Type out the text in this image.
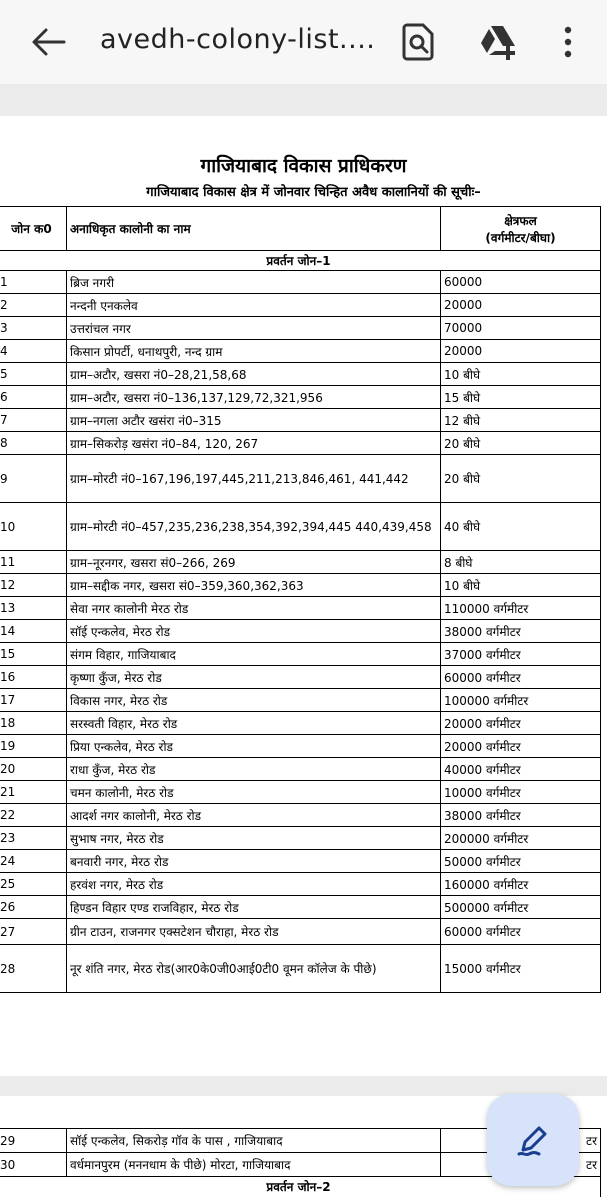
avedh-colony-list....
गाजियाबाद विकास प्राधिकरण
गाजियाबाद विकास क्षेत्र में जोनवार चिन्हित अवैध कालानियों की सूचीः–
जोन क0	अनाधिकृत कालोनी का नाम	क्षेत्रफल
(वर्गमीटर/बीघा)

प्रवर्तन जोन–1		
1	ब्रिज नगरी	60000
2	नन्दनी एनकलेव	20000
3	उत्तरांचल नगर	70000
4	किसान प्रोपर्टी, धनाथपुरी, नन्द ग्राम	20000
5	ग्राम–अटौर, खसरा नं0–28,21,58,68	10 बीघे
6	ग्राम–अटौर, खसरा नं0–136,137,129,72,321,956	15 बीघे
7	ग्राम–नगला अटौर खसंरा नं0–315	12 बीघे
8	ग्राम–सिकरोड़ खसंरा नं0–84, 120, 267	20 बीघे
9	ग्राम–मोरटी नं0–167,196,197,445,211,213,846,461, 441,442	20 बीघे
10	ग्राम–मोरटी नं0–457,235,236,238,354,392,394,445 440,439,458	40 बीघे
11	ग्राम–नूरनगर, खसरा सं0–266, 269	8 बीघे
12	ग्राम–सद्दीक नगर, खसरा सं0–359,360,362,363	10 बीघे
13	सेवा नगर कालोनी मेरठ रोड	110000 वर्गमीटर
14	सॉई एन्कलेव, मेरठ रोड	38000 वर्गमीटर
15	संगम विहार, गाजियाबाद	37000 वर्गमीटर
16	कृष्णा कुँज, मेरठ रोड	60000 वर्गमीटर
17	विकास नगर, मेरठ रोड	100000 वर्गमीटर
18	सरस्वती विहार, मेरठ रोड	20000 वर्गमीटर
19	प्रिया एन्कलेव, मेरठ रोड	20000 वर्गमीटर
20	राधा कुँज, मेरठ रोड	40000 वर्गमीटर
21	चमन कालोनी, मेरठ रोड	10000 वर्गमीटर
22	आदर्श नगर कालोनी, मेरठ रोड	38000 वर्गमीटर
23	सुभाष नगर, मेरठ रोड	200000 वर्गमीटर
24	बनवारी नगर, मेरठ रोड	50000 वर्गमीटर
25	हरवंश नगर, मेरठ रोड	160000 वर्गमीटर
26	हिण्डन विहार एण्ड राजविहार, मेरठ रोड	500000 वर्गमीटर
27	ग्रीन टाउन, राजनगर एक्सटेशन चौराहा, मेरठ रोड	60000 वर्गमीटर
28	नूर शंति नगर, मेरठ रोड(आर0के0जी0आई0टी0 वूमन कॉलेज के पीछे)	15000 वर्गमीटर
29	सॉई एन्कलेव, सिकरोड़ गॉव के पास , गाजियाबाद	टर
30	वर्धमानपुरम (मननधाम के पीछे) मोरटा, गाजियाबाद	टर
प्रवर्तन जोन–2		
